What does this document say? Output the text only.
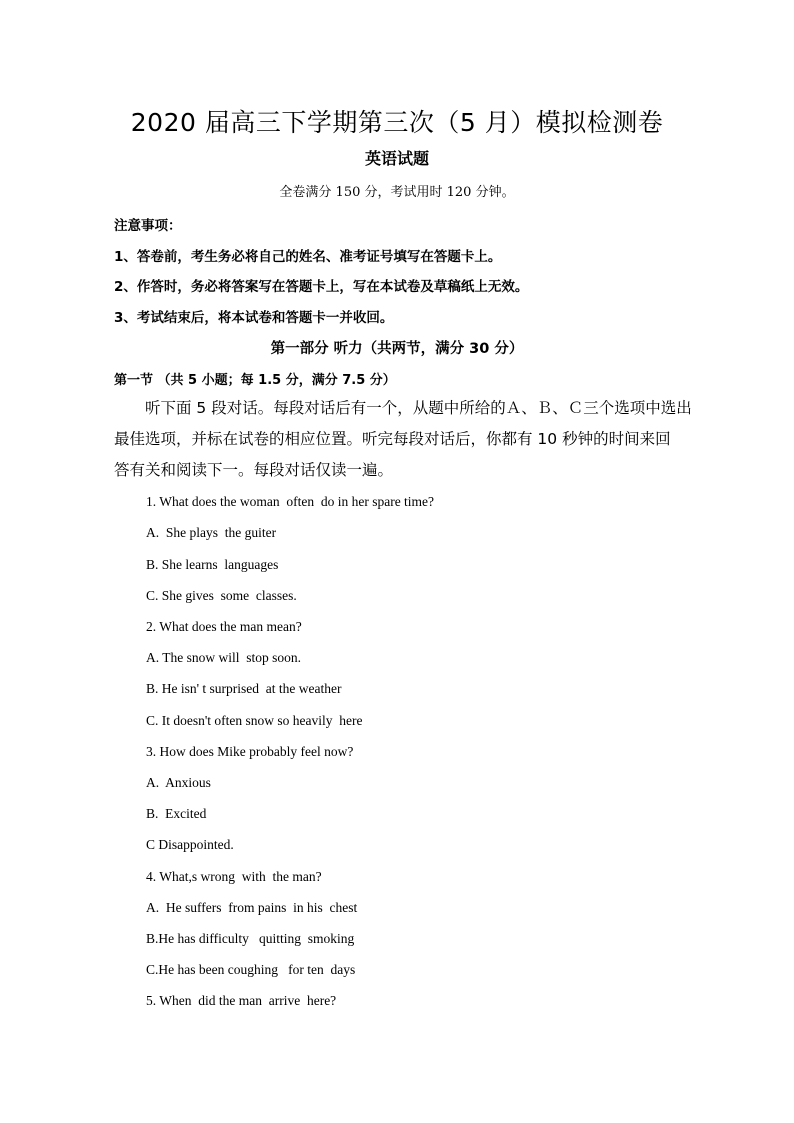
2020 届高三下学期第三次（5 月）模拟检测卷
英语试题
全卷满分 150 分，考试用时 120 分钟。
注意事项：
1、答卷前，考生务必将自己的姓名、准考证号填写在答题卡上。
2、作答时，务必将答案写在答题卡上，写在本试卷及草稿纸上无效。
3、考试结束后，将本试卷和答题卡一并收回。
第一部分 听力（共两节，满分 30 分）
第一节 （共 5 小题；每 1.5 分，满分 7.5 分）

听下面 5 段对话。每段对话后有一个，从题中所给的Ａ、Ｂ、Ｃ三个选项中选出

最佳选项，并标在试卷的相应位置。听完每段对话后，你都有 10 秒钟的时间来回

答有关和阅读下一。每段对话仅读一遍。

1. What does the woman  often  do in her spare time?
A.  She plays  the guiter
B. She learns  languages
C. She gives  some  classes.
2. What does the man mean?
A. The snow will  stop soon.
B. He isn' t surprised  at the weather
C. It doesn't often snow so heavily  here
3. How does Mike probably feel now?
A.  Anxious
B.  Excited
C Disappointed.
4. What,s wrong  with  the man?
A.  He suffers  from pains  in his  chest
B.He has difficulty   quitting  smoking
C.He has been coughing   for ten  days
5. When  did the man  arrive  here?
